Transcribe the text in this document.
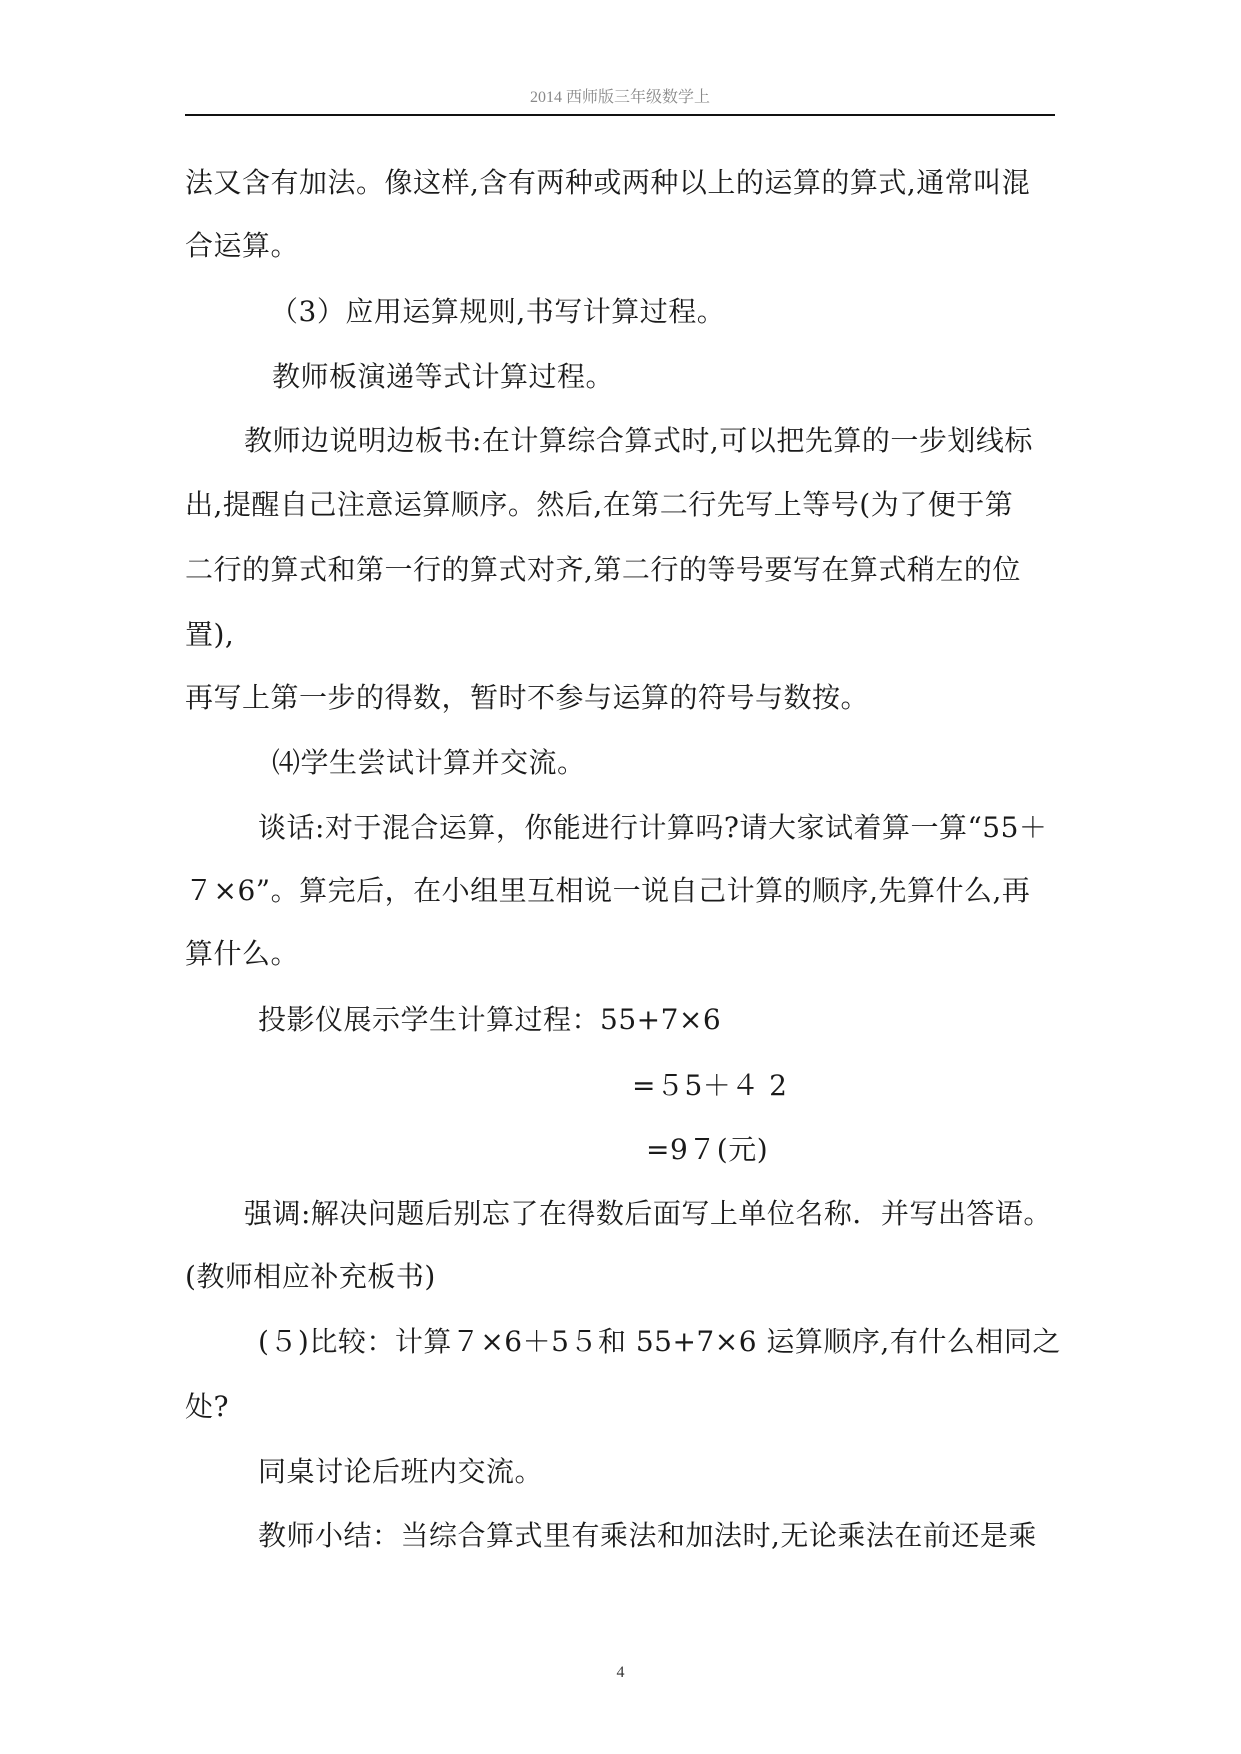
2014 西师版三年级数学上
法又含有加法。像这样,含有两种或两种以上的运算的算式,通常叫混
合运算。
（3）应用运算规则,书写计算过程。
教师板演递等式计算过程。
教师边说明边板书:在计算综合算式时,可以把先算的一步划线标
出,提醒自己注意运算顺序。然后,在第二行先写上等号(为了便于第
二行的算式和第一行的算式对齐,第二行的等号要写在算式稍左的位
置),
再写上第一步的得数，暂时不参与运算的符号与数按。
⑷学生尝试计算并交流。
谈话:对于混合运算，你能进行计算吗?请大家试着算一算“55＋
７×6”。算完后，在小组里互相说一说自己计算的顺序,先算什么,再
算什么。
投影仪展示学生计算过程：55+7×6
=５5＋４ 2
=9７(元)
强调:解决问题后别忘了在得数后面写上单位名称．并写出答语。
(教师相应补充板书)
(５)比较：计算７×6＋5５和 55+7×6 运算顺序,有什么相同之
处?
同桌讨论后班内交流。
教师小结：当综合算式里有乘法和加法时,无论乘法在前还是乘
4
